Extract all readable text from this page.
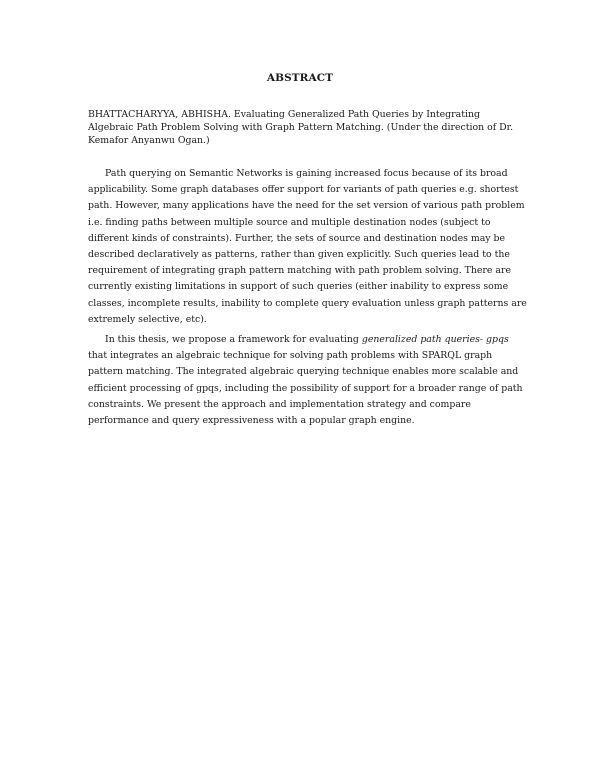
ABSTRACT

BHATTACHARYYA, ABHISHA. Evaluating Generalized Path Queries by Integrating Algebraic Path Problem Solving with Graph Pattern Matching. (Under the direction of Dr. Kemafor Anyanwu Ogan.)

Path querying on Semantic Networks is gaining increased focus because of its broad applicability. Some graph databases offer support for variants of path queries e.g. shortest path. However, many applications have the need for the set version of various path problem i.e. finding paths between multiple source and multiple destination nodes (subject to different kinds of constraints). Further, the sets of source and destination nodes may be described declaratively as patterns, rather than given explicitly. Such queries lead to the requirement of integrating graph pattern matching with path problem solving. There are currently existing limitations in support of such queries (either inability to express some classes, incomplete results, inability to complete query evaluation unless graph patterns are extremely selective, etc).

In this thesis, we propose a framework for evaluating generalized path queries- gpqs that integrates an algebraic technique for solving path problems with SPARQL graph pattern matching. The integrated algebraic querying technique enables more scalable and efficient processing of gpqs, including the possibility of support for a broader range of path constraints. We present the approach and implementation strategy and compare performance and query expressiveness with a popular graph engine.
